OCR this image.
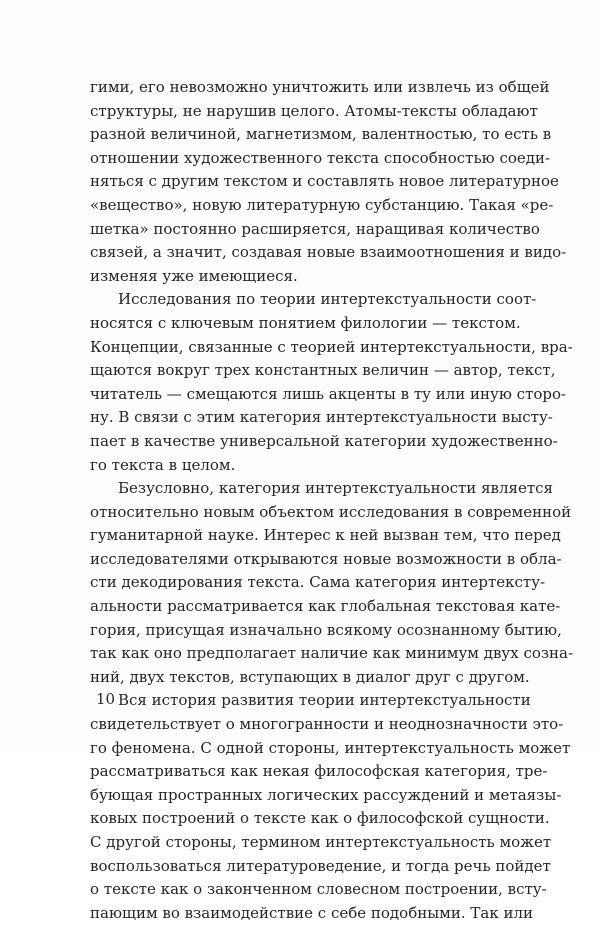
гими, его невозможно уничтожить или извлечь из общей
структуры, не нарушив целого. Атомы-тексты обладают
разной величиной, магнетизмом, валентностью, то есть в
отношении художественного текста способностью соеди-
няться с другим текстом и составлять новое литературное
«вещество», новую литературную субстанцию. Такая «ре-
шетка» постоянно расширяется, наращивая количество
связей, а значит, создавая новые взаимоотношения и видо-
изменяя уже имеющиеся.
Исследования по теории интертекстуальности соот-
носятся с ключевым понятием филологии — текстом.
Концепции, связанные с теорией интертекстуальности, вра-
щаются вокруг трех константных величин — автор, текст,
читатель — смещаются лишь акценты в ту или иную сторо-
ну. В связи с этим категория интертекстуальности высту-
пает в качестве универсальной категории художественно-
го текста в целом.
Безусловно, категория интертекстуальности является
относительно новым объектом исследования в современной
гуманитарной науке. Интерес к ней вызван тем, что перед
исследователями открываются новые возможности в обла-
сти декодирования текста. Сама категория интертексту-
альности рассматривается как глобальная текстовая кате-
гория, присущая изначально всякому осознанному бытию,
так как оно предполагает наличие как минимум двух сознa-
ний, двух текстов, вступающих в диалог друг с другом.
Вся история развития теории интертекстуальности
свидетельствует о многогранности и неоднозначности это-
го феномена. С одной стороны, интертекстуальность может
рассматриваться как некая философская категория, тре-
бующая пространных логических рассуждений и метаязы-
ковых построений о тексте как о философской сущности.
С другой стороны, термином интертекстуальность может
воспользоваться литературоведение, и тогда речь пойдет
о тексте как о законченном словесном построении, всту-
пающим во взаимодействие с себе подобными. Так или
10
